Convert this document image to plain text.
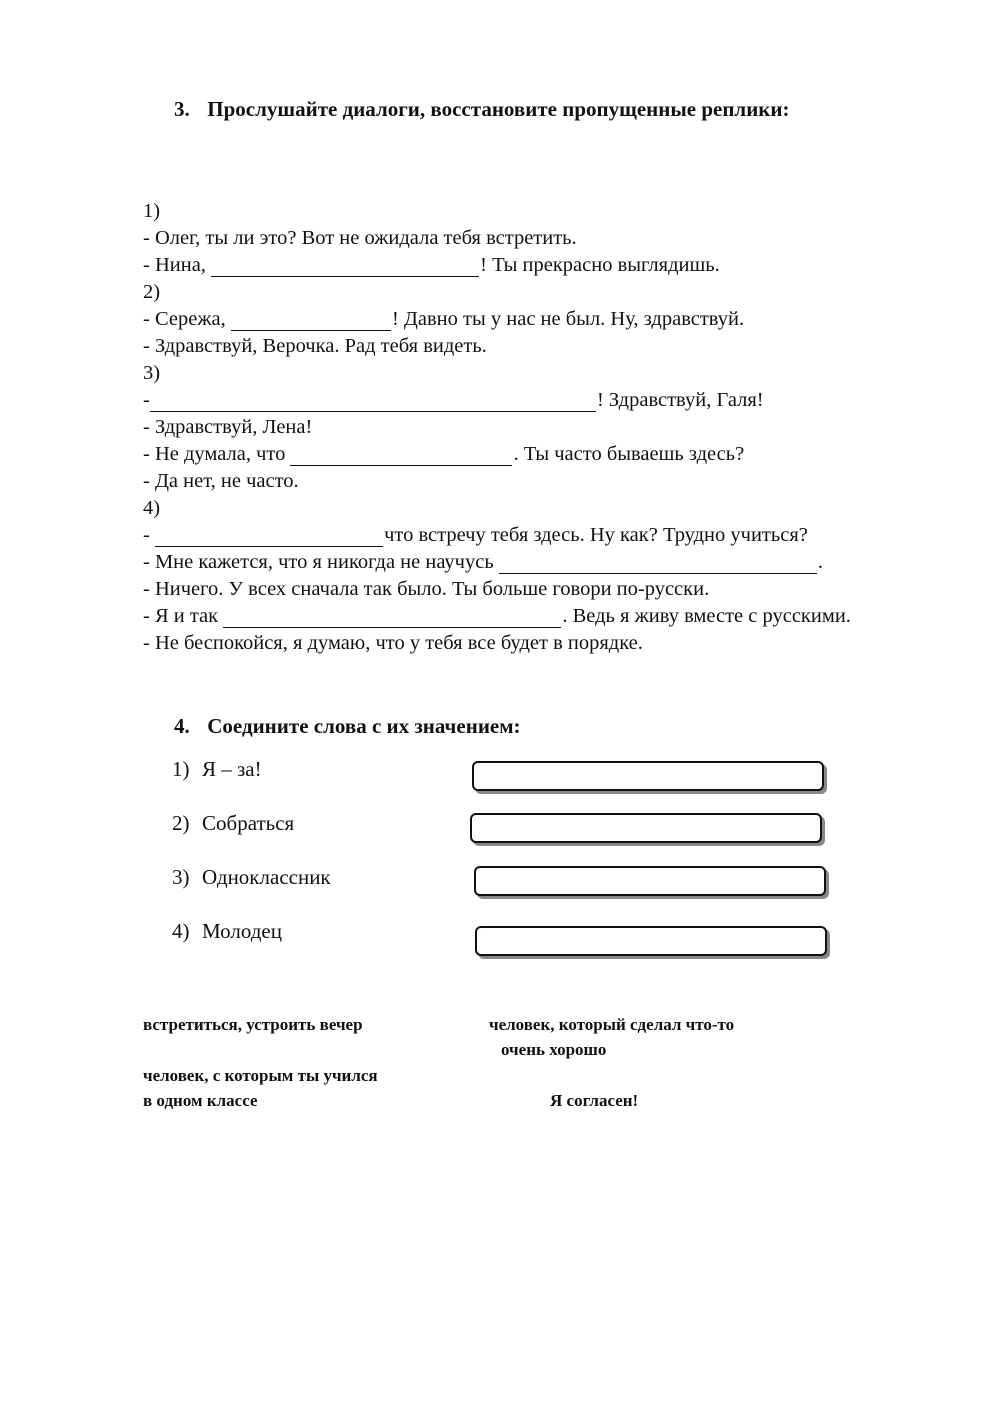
3. Прослушайте диалоги, восстановите пропущенные реплики:
1)
- Олег, ты ли это? Вот не ожидала тебя встретить.
- Нина,	! Ты прекрасно выглядишь.
2)
- Сережа,	! Давно ты у нас не был. Ну, здравствуй.
- Здравствуй, Верочка. Рад тебя видеть.
3)
-	! Здравствуй, Галя!
- Здравствуй, Лена!
- Не думала, что	. Ты часто бываешь здесь?
- Да нет, не часто.
4)
-	что встречу тебя здесь. Ну как? Трудно учиться?
- Мне кажется, что я никогда не научусь	.
- Ничего. У всех сначала так было. Ты больше говори по-русски.
- Я и так	. Ведь я живу вместе с русскими.
- Не беспокойся, я думаю, что у тебя все будет в порядке.
4. Соедините слова с их значением:
1) Я – за!
2) Собраться
3) Одноклассник
4) Молодец
встретиться, устроить вечер	человек, который сделал что-то
очень хорошо
человек, с которым ты учился
в одном классе	Я согласен!
